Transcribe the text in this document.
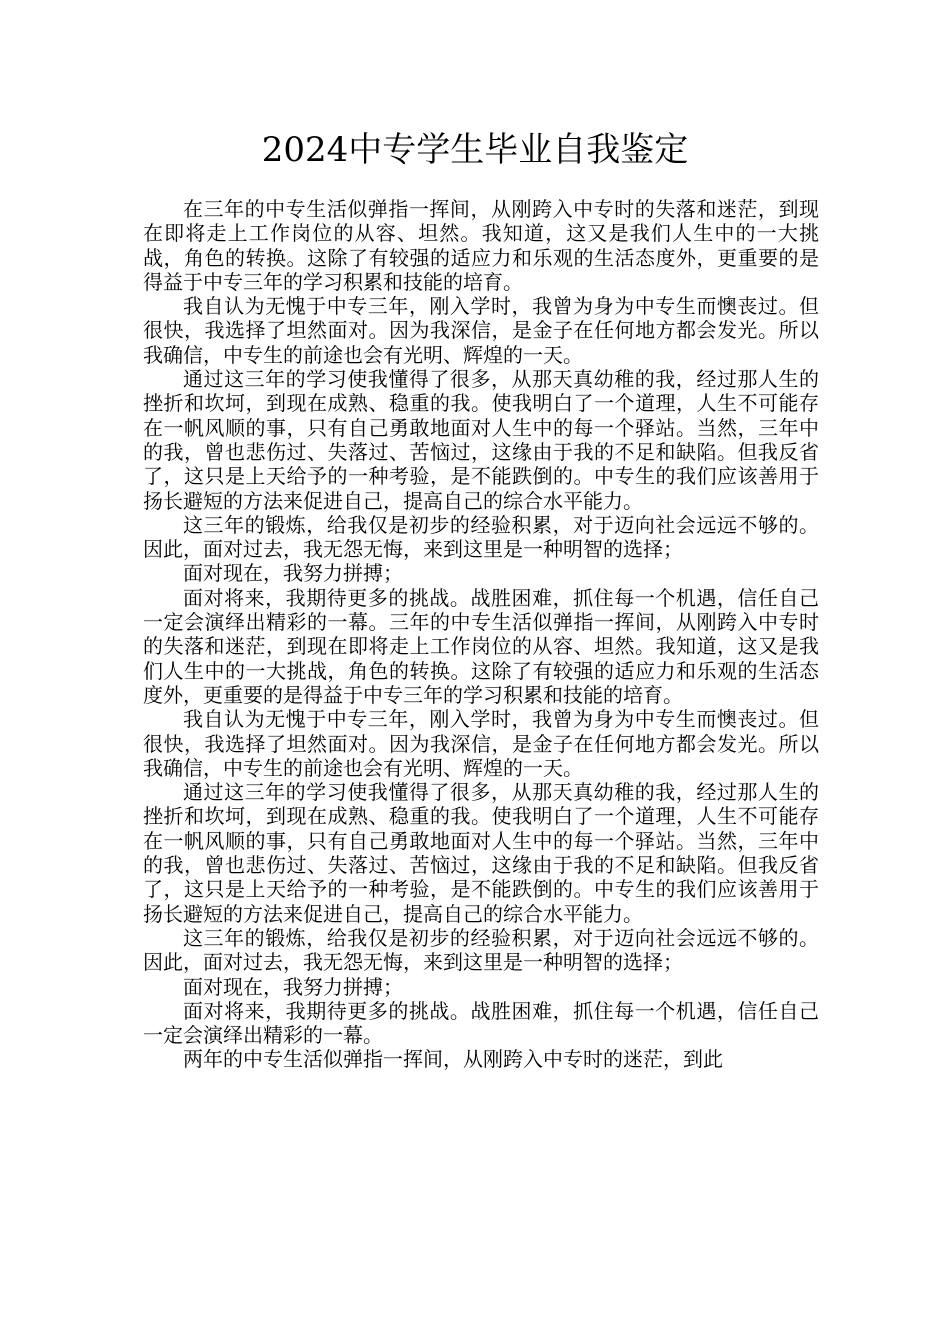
2024中专学生毕业自我鉴定

在三年的中专生活似弹指一挥间，从刚跨入中专时的失落和迷茫，到现在即将走上工作岗位的从容、坦然。我知道，这又是我们人生中的一大挑战，角色的转换。这除了有较强的适应力和乐观的生活态度外，更重要的是得益于中专三年的学习积累和技能的培育。

我自认为无愧于中专三年，刚入学时，我曾为身为中专生而懊丧过。但很快，我选择了坦然面对。因为我深信，是金子在任何地方都会发光。所以我确信，中专生的前途也会有光明、辉煌的一天。

通过这三年的学习使我懂得了很多，从那天真幼稚的我，经过那人生的挫折和坎坷，到现在成熟、稳重的我。使我明白了一个道理，人生不可能存在一帆风顺的事，只有自己勇敢地面对人生中的每一个驿站。当然，三年中的我，曾也悲伤过、失落过、苦恼过，这缘由于我的不足和缺陷。但我反省了，这只是上天给予的一种考验，是不能跌倒的。中专生的我们应该善用于扬长避短的方法来促进自己，提高自己的综合水平能力。

这三年的锻炼，给我仅是初步的经验积累，对于迈向社会远远不够的。因此，面对过去，我无怨无悔，来到这里是一种明智的选择；

面对现在，我努力拼搏；

面对将来，我期待更多的挑战。战胜困难，抓住每一个机遇，信任自己一定会演绎出精彩的一幕。三年的中专生活似弹指一挥间，从刚跨入中专时的失落和迷茫，到现在即将走上工作岗位的从容、坦然。我知道，这又是我们人生中的一大挑战，角色的转换。这除了有较强的适应力和乐观的生活态度外，更重要的是得益于中专三年的学习积累和技能的培育。

我自认为无愧于中专三年，刚入学时，我曾为身为中专生而懊丧过。但很快，我选择了坦然面对。因为我深信，是金子在任何地方都会发光。所以我确信，中专生的前途也会有光明、辉煌的一天。

通过这三年的学习使我懂得了很多，从那天真幼稚的我，经过那人生的挫折和坎坷，到现在成熟、稳重的我。使我明白了一个道理，人生不可能存在一帆风顺的事，只有自己勇敢地面对人生中的每一个驿站。当然，三年中的我，曾也悲伤过、失落过、苦恼过，这缘由于我的不足和缺陷。但我反省了，这只是上天给予的一种考验，是不能跌倒的。中专生的我们应该善用于扬长避短的方法来促进自己，提高自己的综合水平能力。

这三年的锻炼，给我仅是初步的经验积累，对于迈向社会远远不够的。因此，面对过去，我无怨无悔，来到这里是一种明智的选择；

面对现在，我努力拼搏；

面对将来，我期待更多的挑战。战胜困难，抓住每一个机遇，信任自己一定会演绎出精彩的一幕。

两年的中专生活似弹指一挥间，从刚跨入中专时的迷茫，到此
